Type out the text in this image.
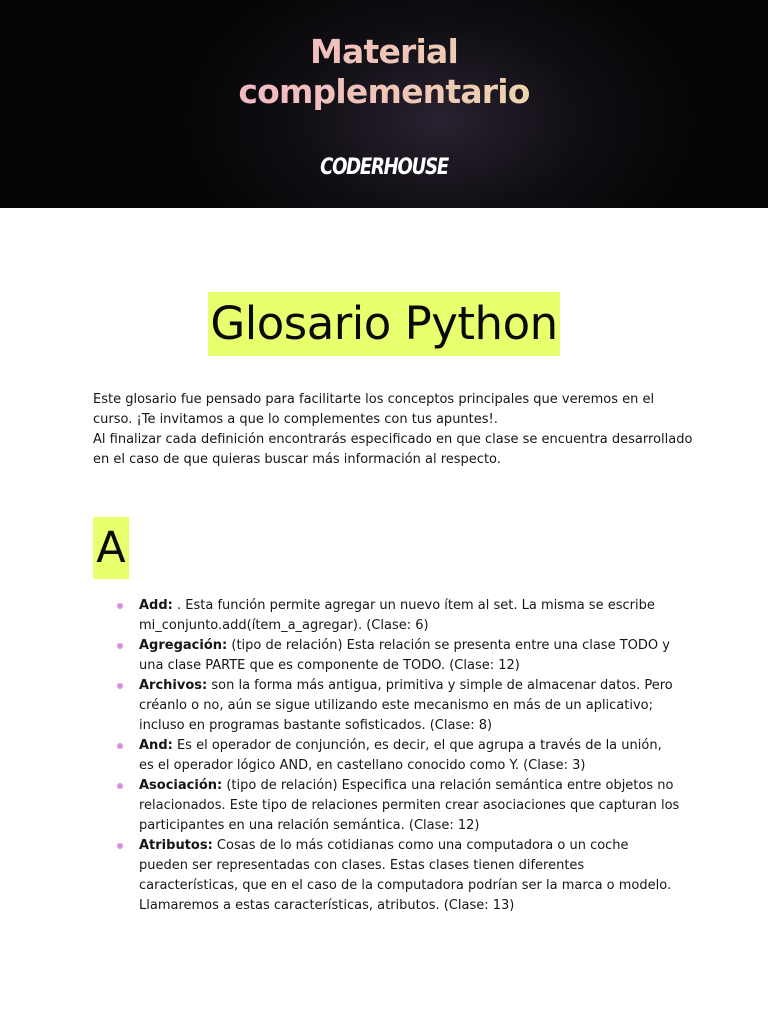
Material
complementario
CODERHOUSE
Glosario Python

Este glosario fue pensado para facilitarte los conceptos principales que veremos en el curso. ¡Te invitamos a que lo complementes con tus apuntes!.

Al finalizar cada definición encontrarás especificado en que clase se encuentra desarrollado en el caso de que quieras buscar más información al respecto.

A
Add: . Esta función permite agregar un nuevo ítem al set. La misma se escribe mi_conjunto.add(ítem_a_agregar). (Clase: 6)
Agregación: (tipo de relación) Esta relación se presenta entre una clase TODO y una clase PARTE que es componente de TODO. (Clase: 12)
Archivos: son la forma más antigua, primitiva y simple de almacenar datos. Pero créanlo o no, aún se sigue utilizando este mecanismo en más de un aplicativo; incluso en programas bastante sofisticados. (Clase: 8)
And: Es el operador de conjunción, es decir, el que agrupa a través de la unión, es el operador lógico AND, en castellano conocido como Y. (Clase: 3)
Asociación: (tipo de relación) Especifica una relación semántica entre objetos no relacionados. Este tipo de relaciones permiten crear asociaciones que capturan los participantes en una relación semántica. (Clase: 12)
Atributos: Cosas de lo más cotidianas como una computadora o un coche pueden ser representadas con clases. Estas clases tienen diferentes características, que en el caso de la computadora podrían ser la marca o modelo. Llamaremos a estas características, atributos. (Clase: 13)
